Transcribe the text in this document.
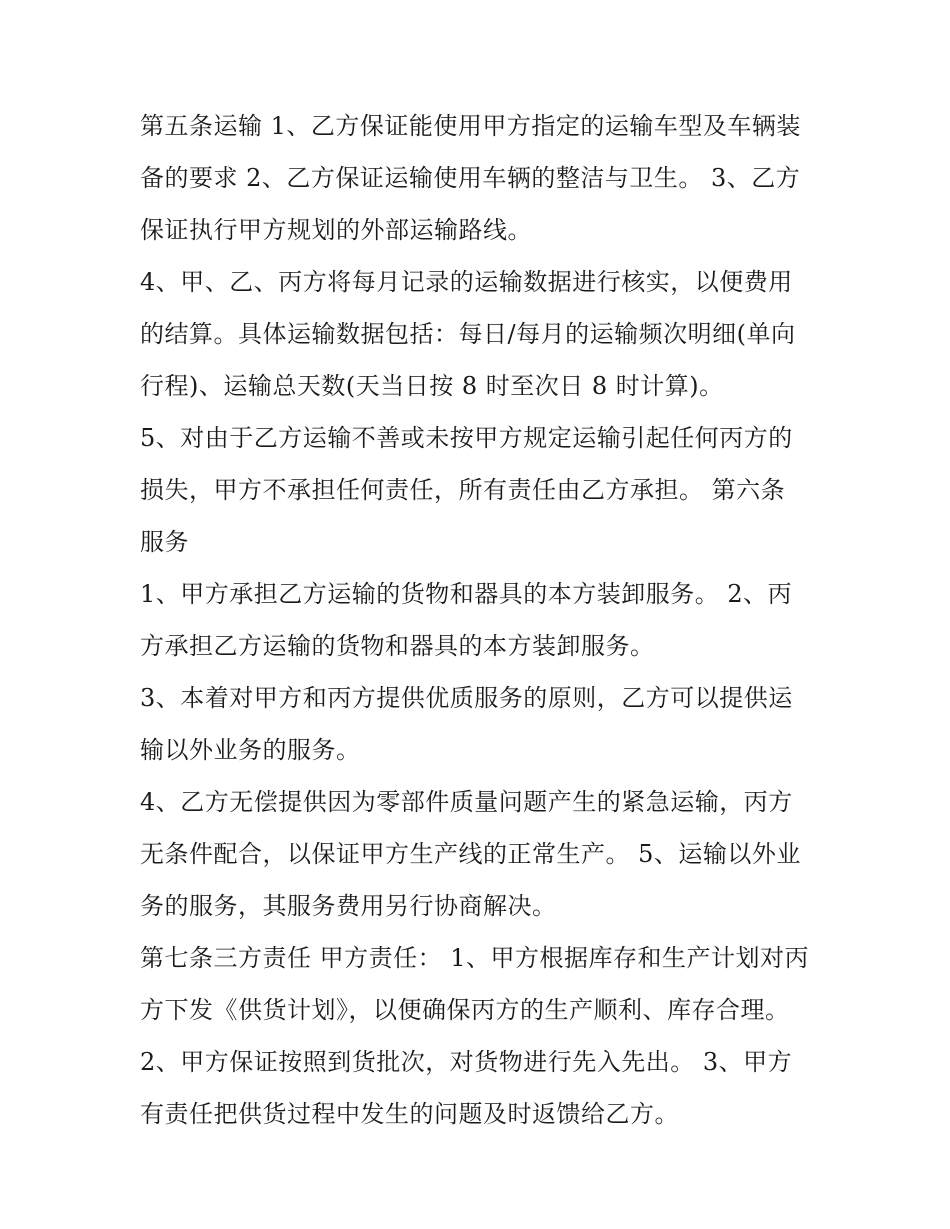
第五条运输 1、乙方保证能使用甲方指定的运输车型及车辆装
备的要求 2、乙方保证运输使用车辆的整洁与卫生。 3、乙方
保证执行甲方规划的外部运输路线。

4、甲、乙、丙方将每月记录的运输数据进行核实，以便费用
的结算。具体运输数据包括：每日/每月的运输频次明细(单向
行程)、运输总天数(天当日按 8 时至次日 8 时计算)。

5、对由于乙方运输不善或未按甲方规定运输引起任何丙方的
损失，甲方不承担任何责任，所有责任由乙方承担。 第六条
服务

1、甲方承担乙方运输的货物和器具的本方装卸服务。 2、丙
方承担乙方运输的货物和器具的本方装卸服务。

3、本着对甲方和丙方提供优质服务的原则，乙方可以提供运
输以外业务的服务。

4、乙方无偿提供因为零部件质量问题产生的紧急运输，丙方
无条件配合，以保证甲方生产线的正常生产。 5、运输以外业
务的服务，其服务费用另行协商解决。

第七条三方责任 甲方责任： 1、甲方根据库存和生产计划对丙
方下发《供货计划》，以便确保丙方的生产顺利、库存合理。

2、甲方保证按照到货批次，对货物进行先入先出。 3、甲方
有责任把供货过程中发生的问题及时返馈给乙方。
